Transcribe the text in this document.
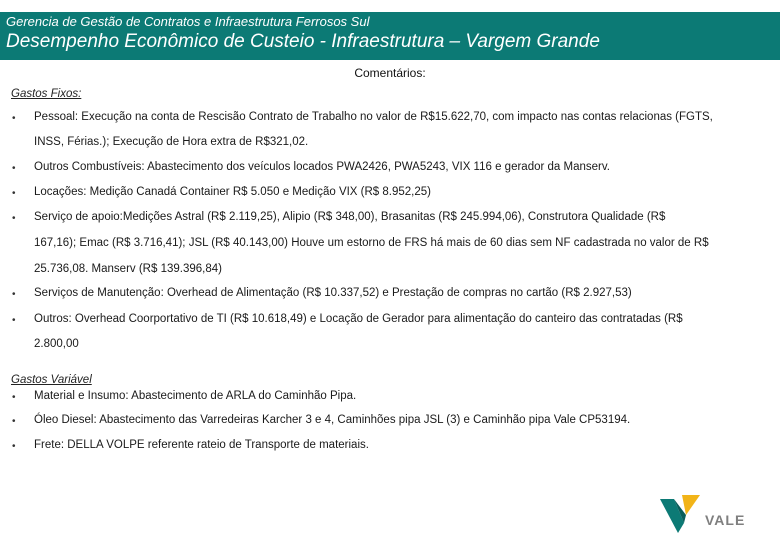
Gerencia de Gestão de Contratos e Infraestrutura Ferrosos Sul
Desempenho Econômico de Custeio - Infraestrutura – Vargem Grande
Comentários:
Gastos Fixos:
• Pessoal: Execução na conta de Rescisão Contrato de Trabalho no valor de R$15.622,70, com impacto nas contas relacionas (FGTS,
INSS, Férias.); Execução de Hora extra de R$321,02.
• Outros Combustíveis: Abastecimento dos veículos locados PWA2426, PWA5243, VIX 116 e gerador da Manserv.
• Locações: Medição Canadá Container R$ 5.050 e Medição VIX (R$ 8.952,25)
• Serviço de apoio:Medições Astral (R$ 2.119,25), Alipio (R$ 348,00), Brasanitas (R$ 245.994,06), Construtora Qualidade (R$
167,16); Emac (R$ 3.716,41); JSL (R$ 40.143,00) Houve um estorno de FRS há mais de 60 dias sem NF cadastrada no valor de R$
25.736,08. Manserv (R$ 139.396,84)
• Serviços de Manutenção: Overhead de Alimentação (R$ 10.337,52) e Prestação de compras no cartão (R$ 2.927,53)
• Outros: Overhead Coorportativo de TI (R$ 10.618,49) e Locação de Gerador para alimentação do canteiro das contratadas (R$
2.800,00
Gastos Variável
• Material e Insumo: Abastecimento de ARLA do Caminhão Pipa.
• Óleo Diesel: Abastecimento das Varredeiras Karcher 3 e 4, Caminhões pipa JSL (3) e Caminhão pipa Vale CP53194.
• Frete: DELLA VOLPE referente rateio de Transporte de materiais.
VALE
